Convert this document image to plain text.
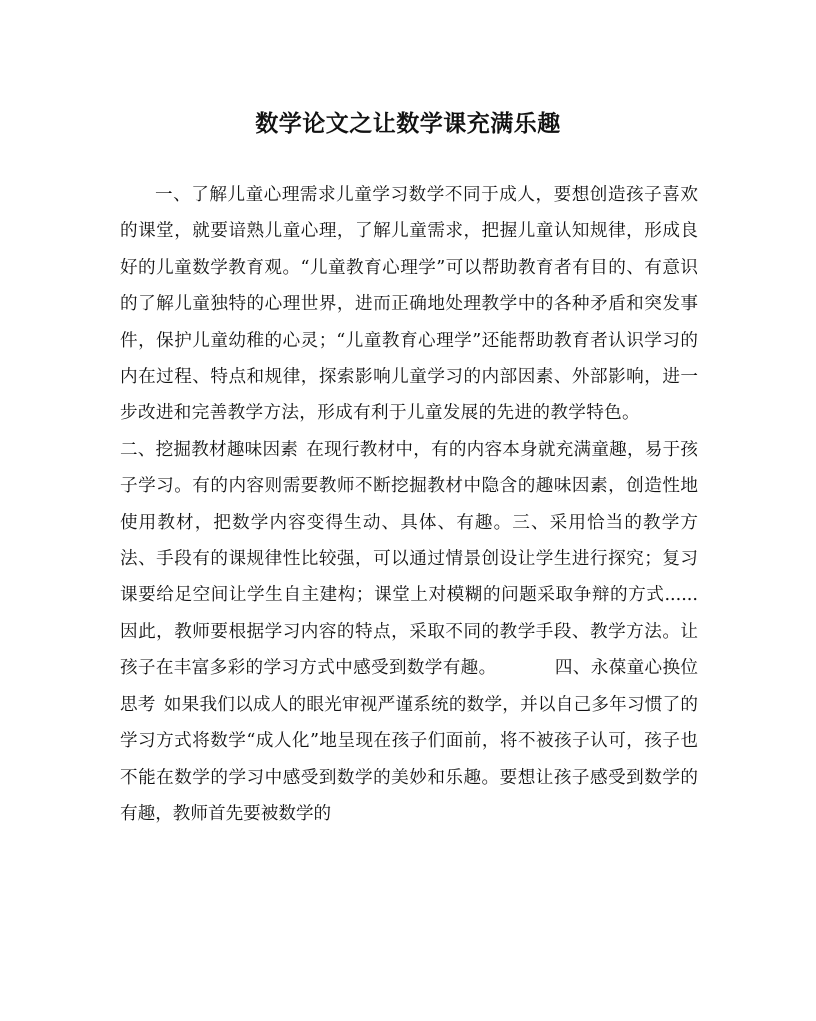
数学论文之让数学课充满乐趣

一、了解儿童心理需求儿童学习数学不同于成人，要想创造孩子喜欢的课堂，就要谙熟儿童心理，了解儿童需求，把握儿童认知规律，形成良好的儿童数学教育观。“儿童教育心理学”可以帮助教育者有目的、有意识的了解儿童独特的心理世界，进而正确地处理教学中的各种矛盾和突发事件，保护儿童幼稚的心灵；“儿童教育心理学”还能帮助教育者认识学习的内在过程、特点和规律，探索影响儿童学习的内部因素、外部影响，进一步改进和完善教学方法，形成有利于儿童发展的先进的教学特色。二、挖掘教材趣味因素 在现行教材中，有的内容本身就充满童趣，易于孩子学习。有的内容则需要教师不断挖掘教材中隐含的趣味因素，创造性地使用教材，把数学内容变得生动、具体、有趣。三、采用恰当的教学方法、手段有的课规律性比较强，可以通过情景创设让学生进行探究；复习课要给足空间让学生自主建构；课堂上对模糊的问题采取争辩的方式......因此，教师要根据学习内容的特点，采取不同的教学手段、教学方法。让孩子在丰富多彩的学习方式中感受到数学有趣。	四、永葆童心换位思考 如果我们以成人的眼光审视严谨系统的数学，并以自己多年习惯了的学习方式将数学“成人化”地呈现在孩子们面前，将不被孩子认可，孩子也不能在数学的学习中感受到数学的美妙和乐趣。要想让孩子感受到数学的有趣，教师首先要被数学的
